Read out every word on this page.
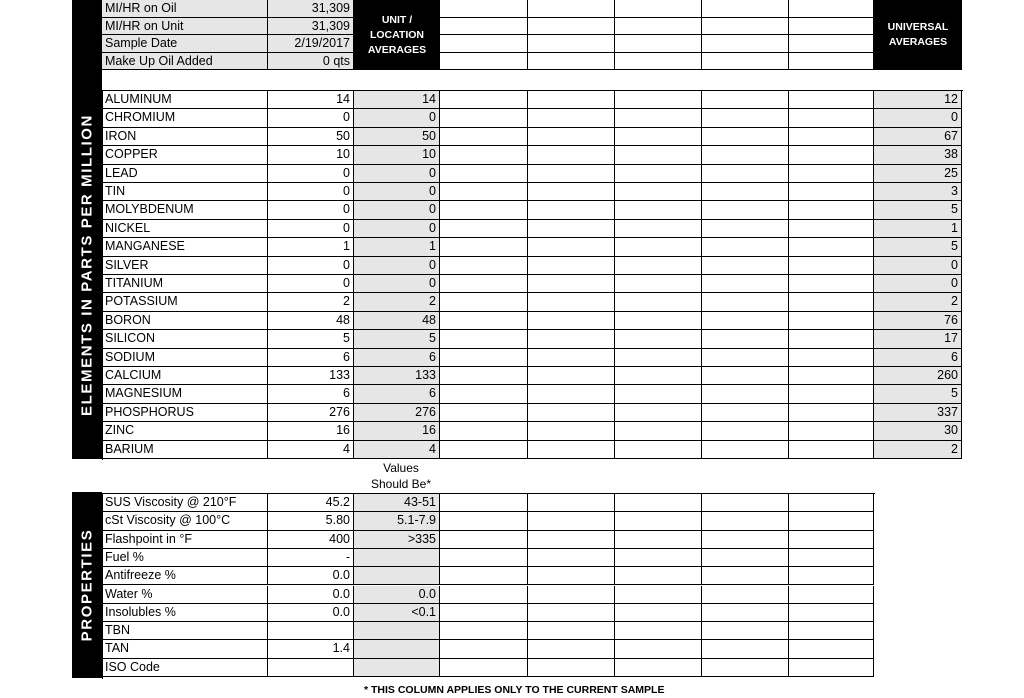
ELEMENTS IN PARTS PER MILLION
PROPERTIES
UNIT / LOCATION AVERAGES
UNIVERSAL AVERAGES
MI/HR on Oil	31,309
MI/HR on Unit	31,309
Sample Date	2/19/2017
Make Up Oil Added	0 qts
ALUMINUM	14	14	12
CHROMIUM	0	0	0
IRON	50	50	67
COPPER	10	10	38
LEAD	0	0	25
TIN	0	0	3
MOLYBDENUM	0	0	5
NICKEL	0	0	1
MANGANESE	1	1	5
SILVER	0	0	0
TITANIUM	0	0	0
POTASSIUM	2	2	2
BORON	48	48	76
SILICON	5	5	17
SODIUM	6	6	6
CALCIUM	133	133	260
MAGNESIUM	6	6	5
PHOSPHORUS	276	276	337
ZINC	16	16	30
BARIUM	4	4	2
SUS Viscosity @ 210°F	45.2	43-51
cSt Viscosity @ 100°C	5.80	5.1-7.9
Flashpoint in °F	400	>335
Fuel %	-
Antifreeze %	0.0
Water %	0.0	0.0
Insolubles %	0.0	<0.1
TBN
TAN	1.4
ISO Code
Values Should Be*
* THIS COLUMN APPLIES ONLY TO THE CURRENT SAMPLE
